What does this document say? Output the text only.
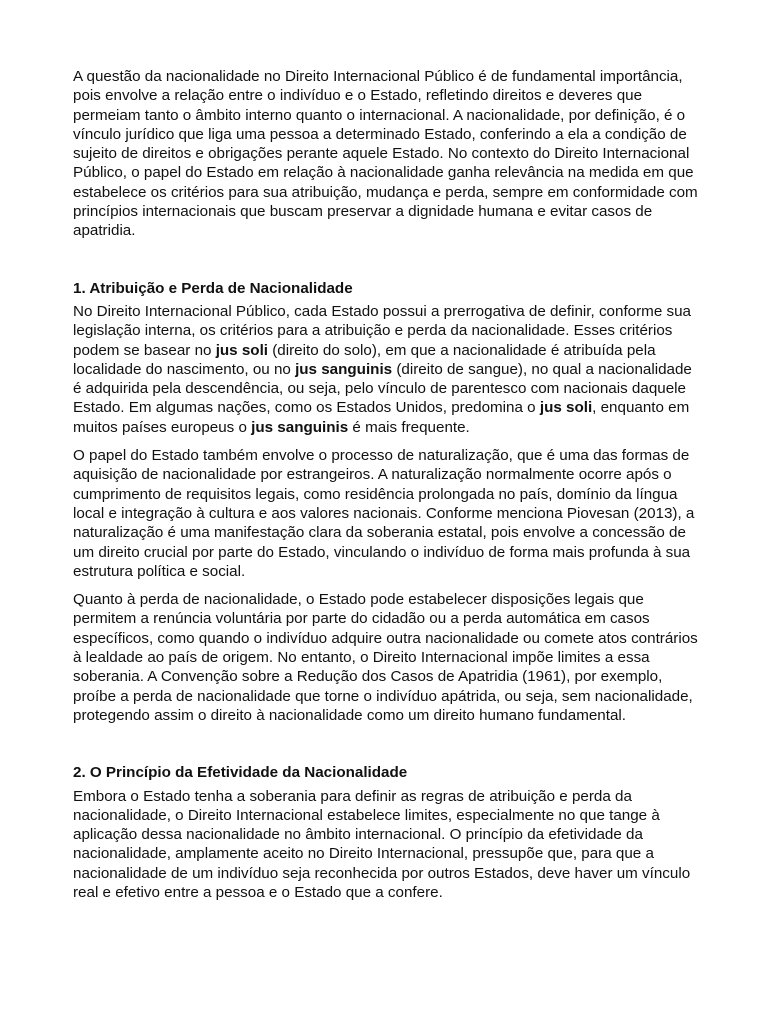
A questão da nacionalidade no Direito Internacional Público é de fundamental importância, pois envolve a relação entre o indivíduo e o Estado, refletindo direitos e deveres que permeiam tanto o âmbito interno quanto o internacional. A nacionalidade, por definição, é o vínculo jurídico que liga uma pessoa a determinado Estado, conferindo a ela a condição de sujeito de direitos e obrigações perante aquele Estado. No contexto do Direito Internacional Público, o papel do Estado em relação à nacionalidade ganha relevância na medida em que estabelece os critérios para sua atribuição, mudança e perda, sempre em conformidade com princípios internacionais que buscam preservar a dignidade humana e evitar casos de apatridia.

1. Atribuição e Perda de Nacionalidade

No Direito Internacional Público, cada Estado possui a prerrogativa de definir, conforme sua legislação interna, os critérios para a atribuição e perda da nacionalidade. Esses critérios podem se basear no jus soli (direito do solo), em que a nacionalidade é atribuída pela localidade do nascimento, ou no jus sanguinis (direito de sangue), no qual a nacionalidade é adquirida pela descendência, ou seja, pelo vínculo de parentesco com nacionais daquele Estado. Em algumas nações, como os Estados Unidos, predomina o jus soli, enquanto em muitos países europeus o jus sanguinis é mais frequente.

O papel do Estado também envolve o processo de naturalização, que é uma das formas de aquisição de nacionalidade por estrangeiros. A naturalização normalmente ocorre após o cumprimento de requisitos legais, como residência prolongada no país, domínio da língua local e integração à cultura e aos valores nacionais. Conforme menciona Piovesan (2013), a naturalização é uma manifestação clara da soberania estatal, pois envolve a concessão de um direito crucial por parte do Estado, vinculando o indivíduo de forma mais profunda à sua estrutura política e social.

Quanto à perda de nacionalidade, o Estado pode estabelecer disposições legais que permitem a renúncia voluntária por parte do cidadão ou a perda automática em casos específicos, como quando o indivíduo adquire outra nacionalidade ou comete atos contrários à lealdade ao país de origem. No entanto, o Direito Internacional impõe limites a essa soberania. A Convenção sobre a Redução dos Casos de Apatridia (1961), por exemplo, proíbe a perda de nacionalidade que torne o indivíduo apátrida, ou seja, sem nacionalidade, protegendo assim o direito à nacionalidade como um direito humano fundamental.

2. O Princípio da Efetividade da Nacionalidade

Embora o Estado tenha a soberania para definir as regras de atribuição e perda da nacionalidade, o Direito Internacional estabelece limites, especialmente no que tange à aplicação dessa nacionalidade no âmbito internacional. O princípio da efetividade da nacionalidade, amplamente aceito no Direito Internacional, pressupõe que, para que a nacionalidade de um indivíduo seja reconhecida por outros Estados, deve haver um vínculo real e efetivo entre a pessoa e o Estado que a confere.
